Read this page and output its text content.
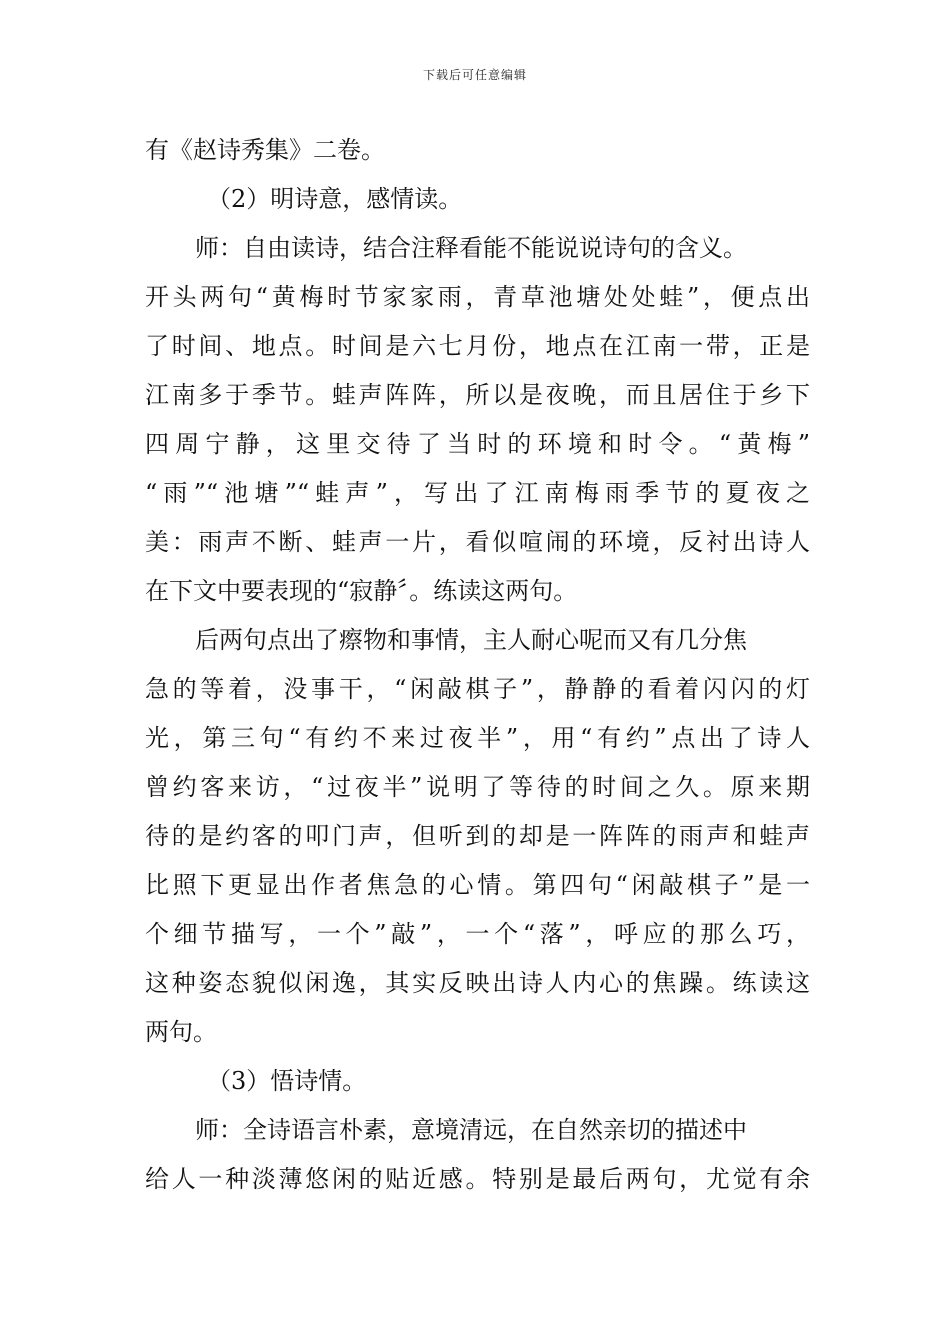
下载后可任意编辑
有《赵诗秀集》二卷。
（2）明诗意，感情读。
师：自由读诗，结合注释看能不能说说诗句的含义。
开头两句“黄梅时节家家雨，青草池塘处处蛙”，便点出
了时间、地点。时间是六七月份，地点在江南一带，正是
江南多于季节。蛙声阵阵，所以是夜晚，而且居住于乡下
四周宁静，这里交待了当时的环境和时令。“黄梅”
“雨”“池塘”“蛙声”，写出了江南梅雨季节的夏夜之
美：雨声不断、蛙声一片，看似喧闹的环境，反衬出诗人
在下文中要表现的“寂静〞。练读这两句。
后两句点出了瘵物和事情，主人耐心呢而又有几分焦
急的等着，没事干，“闲敲棋子”，静静的看着闪闪的灯
光，第三句“有约不来过夜半”，用“有约”点出了诗人
曾约客来访，“过夜半”说明了等待的时间之久。原来期
待的是约客的叩门声，但听到的却是一阵阵的雨声和蛙声
比照下更显出作者焦急的心情。第四句“闲敲棋子”是一
个细节描写，一个”敲”，一个“落”，呼应的那么巧，
这种姿态貌似闲逸，其实反映出诗人内心的焦躁。练读这
两句。
（3）悟诗情。
师：全诗语言朴素，意境清远，在自然亲切的描述中
给人一种淡薄悠闲的贴近感。特别是最后两句，尤觉有余
